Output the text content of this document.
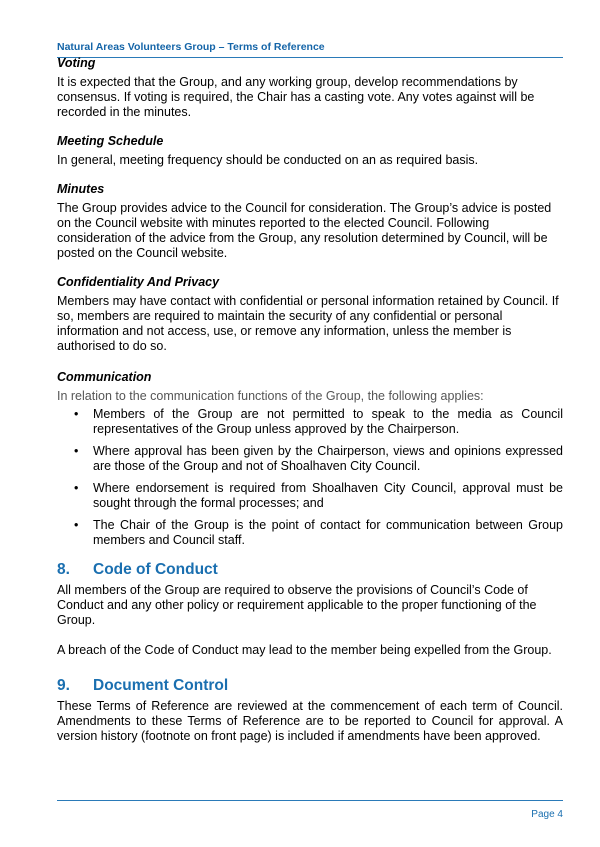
Natural Areas Volunteers Group – Terms of Reference

Voting

It is expected that the Group, and any working group, develop recommendations by consensus. If voting is required, the Chair has a casting vote. Any votes against will be recorded in the minutes.

Meeting Schedule

In general, meeting frequency should be conducted on an as required basis.

Minutes

The Group provides advice to the Council for consideration. The Group’s advice is posted on the Council website with minutes reported to the elected Council. Following consideration of the advice from the Group, any resolution determined by Council, will be posted on the Council website.

Confidentiality And Privacy

Members may have contact with confidential or personal information retained by Council. If so, members are required to maintain the security of any confidential or personal information and not access, use, or remove any information, unless the member is authorised to do so.

Communication

In relation to the communication functions of the Group, the following applies:

• Members of the Group are not permitted to speak to the media as Council representatives of the Group unless approved by the Chairperson.
• Where approval has been given by the Chairperson, views and opinions expressed are those of the Group and not of Shoalhaven City Council.
• Where endorsement is required from Shoalhaven City Council, approval must be sought through the formal processes; and
• The Chair of the Group is the point of contact for communication between Group members and Council staff.
8.	Code of Conduct

All members of the Group are required to observe the provisions of Council’s Code of Conduct and any other policy or requirement applicable to the proper functioning of the Group.

A breach of the Code of Conduct may lead to the member being expelled from the Group.

9.	Document Control

These Terms of Reference are reviewed at the commencement of each term of Council. Amendments to these Terms of Reference are to be reported to Council for approval. A version history (footnote on front page) is included if amendments have been approved.

Page 4
